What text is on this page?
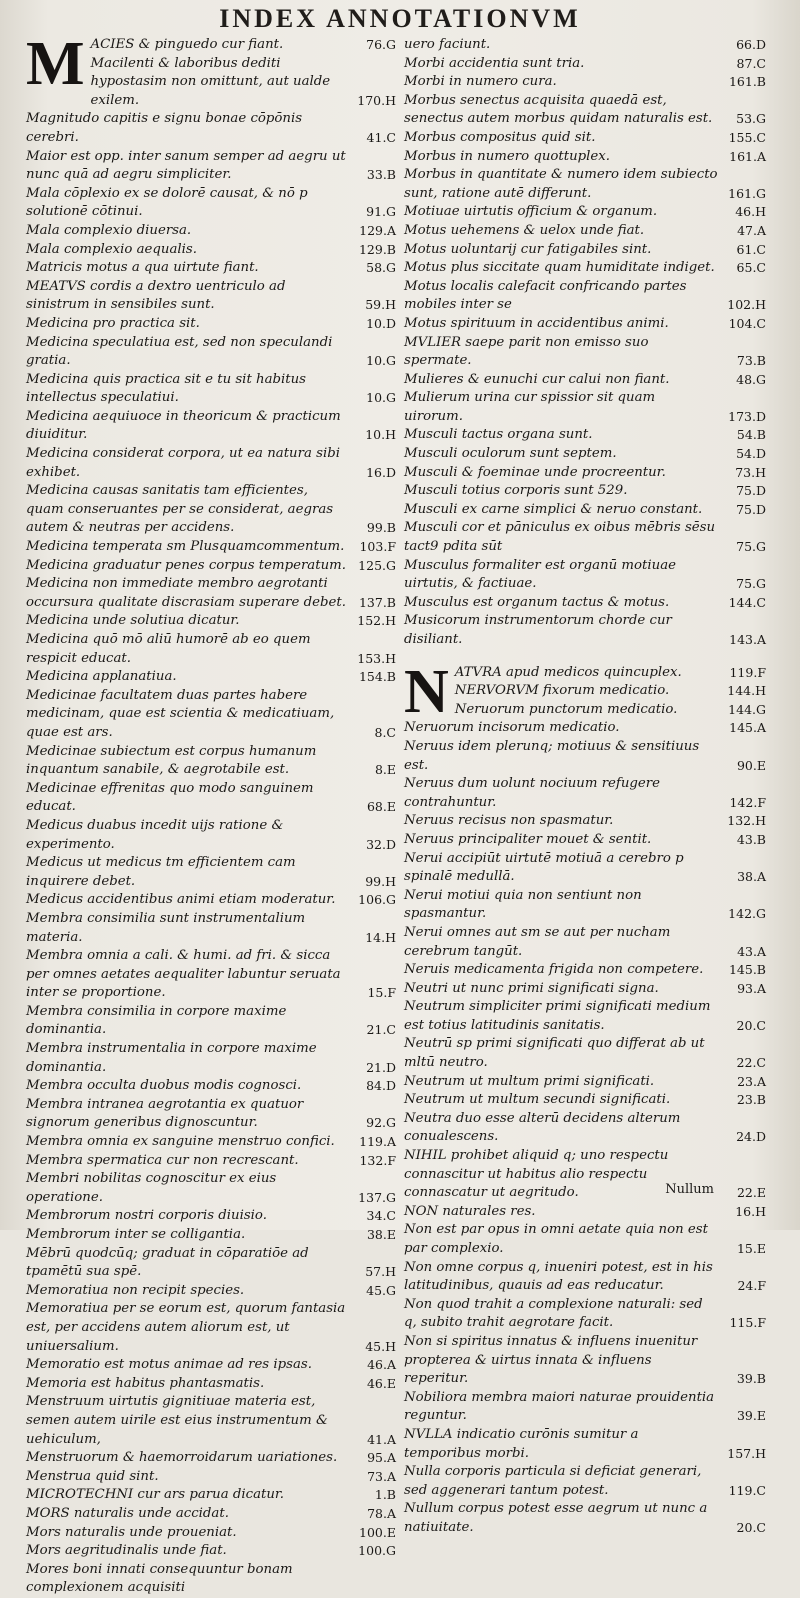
INDEX ANNOTATIONVM
M ACIES & pinguedo cur fiant.	76.G
Macilenti & laboribus dediti hypostasim non omittunt, aut ualde exilem.	170.H
Magnitudo capitis e signu bonae cōpōnis cerebri.	41.C
Maior est opp. inter sanum semper ad aegru ut nunc quā ad aegru simpliciter.	33.B
Mala cōplexio ex se dolorē causat, & nō p solutionē cōtinui.	91.G
Mala complexio diuersa.	129.A
Mala complexio aequalis.	129.B
Matricis motus a qua uirtute fiant.	58.G
MEATVS cordis a dextro uentriculo ad sinistrum in sensibiles sunt.	59.H
Medicina pro practica sit.	10.D
Medicina speculatiua est, sed non speculandi gratia.	10.G
Medicina quis practica sit e tu sit habitus intellectus speculatiui.	10.G
Medicina aequiuoce in theoricum & practicum diuiditur.	10.H
Medicina considerat corpora, ut ea natura sibi exhibet.	16.D
Medicina causas sanitatis tam efficientes, quam conseruantes per se considerat, aegras autem & neutras per accidens.	99.B
Medicina temperata sm Plusquamcommentum.	103.F
Medicina graduatur penes corpus temperatum. 125.G
Medicina non immediate membro aegrotanti occursura qualitate discrasiam superare debet.	137.B
Medicina unde solutiua dicatur.	152.H
Medicina quō mō aliū humorē ab eo quem respicit educat.	153.H
Medicina applanatiua.	154.B
Medicinae facultatem duas partes habere medicinam, quae est scientia & medicatiuam, quae est ars.	8.C
Medicinae subiectum est corpus humanum inquantum sanabile, & aegrotabile est.	8.E
Medicinae effrenitas quo modo sanguinem educat.	68.E
Medicus duabus incedit uijs ratione & experimento.	32.D
Medicus ut medicus tm efficientem cam inquirere debet.	99.H
Medicus accidentibus animi etiam moderatur.	106.G
Membra consimilia sunt instrumentalium materia.	14.H
Membra omnia a cali. & humi. ad fri. & sicca per omnes aetates aequaliter labuntur seruata inter se proportione.	15.F
Membra consimilia in corpore maxime dominantia.	21.C
Membra instrumentalia in corpore maxime dominantia.	21.D
Membra occulta duobus modis cognosci.	84.D
Membra intranea aegrotantia ex quatuor signorum generibus dignoscuntur.	92.G
Membra omnia ex sanguine menstruo confici.	119.A
Membra spermatica cur non recrescant.	132.F
Membri nobilitas cognoscitur ex eius operatione.	137.G
Membrorum nostri corporis diuisio.	34.C
Membrorum inter se colligantia.	38.E
Mēbrū quodcūq; graduat in cōparatiōe ad tpamētū sua spē.	57.H
Memoratiua non recipit species.	45.G
Memoratiua per se eorum est, quorum fantasia est, per accidens autem aliorum est, ut uniuersalium.	45.H
Memoratio est motus animae ad res ipsas.	46.A
Memoria est habitus phantasmatis.	46.E
Menstruum uirtutis gignitiuae materia est, semen autem uirile est eius instrumentum & uehiculum,	41.A
Menstruorum & haemorroidarum uariationes.	95.A
Menstrua quid sint.	73.A
MICROTECHNI cur ars parua dicatur.	1.B
MORS naturalis unde accidat.	78.A
Mors naturalis unde proueniat.	100.E
Mors aegritudinalis unde fiat.	100.G
Mores boni innati consequuntur bonam complexionem acquisiti
uero faciunt.	66.D
Morbi accidentia sunt tria.	87.C
Morbi in numero cura.	161.B
Morbus senectus acquisita quaedā est, senectus autem morbus quidam naturalis est.	53.G
Morbus compositus quid sit.	155.C
Morbus in numero quottuplex.	161.A
Morbus in quantitate & numero idem subiecto sunt, ratione autē differunt.	161.G
Motiuae uirtutis officium & organum.	46.H
Motus uehemens & uelox unde fiat.	47.A
Motus uoluntarij cur fatigabiles sint.	61.C
Motus plus siccitate quam humiditate indiget.	65.C
Motus localis calefacit confricando partes mobiles inter se	102.H
Motus spirituum in accidentibus animi.	104.C
MVLIER saepe parit non emisso suo spermate.	73.B
Mulieres & eunuchi cur calui non fiant.	48.G
Mulierum urina cur spissior sit quam uirorum.	173.D
Musculi tactus organa sunt.	54.B
Musculi oculorum sunt septem.	54.D
Musculi & foeminae unde procreentur.	73.H
Musculi totius corporis sunt 529.	75.D
Musculi ex carne simplici & neruo constant.	75.D
Musculi cor et pāniculus ex oibus mēbris sēsu tact9 pdita sūt	75.G
Musculus formaliter est organū motiuae uirtutis, & factiuae.	75.G
Musculus est organum tactus & motus.	144.C
Musicorum instrumentorum chorde cur disiliant.	143.A
N ATVRA apud medicos quincuplex.	119.F
NERVORVM fixorum medicatio.	144.H
Neruorum punctorum medicatio.	144.G
Neruorum incisorum medicatio.	145.A
Neruus idem plerunq; motiuus & sensitiuus est.	90.E
Neruus dum uolunt nociuum refugere contrahuntur.	142.F
Neruus recisus non spasmatur.	132.H
Neruus principaliter mouet & sentit.	43.B
Nerui accipiūt uirtutē motiuā a cerebro p spinalē medullā.	38.A
Nerui motiui quia non sentiunt non spasmantur.	142.G
Nerui omnes aut sm se aut per nucham cerebrum tangūt.	43.A
Neruis medicamenta frigida non competere.	145.B
Neutri ut nunc primi significati signa.	93.A
Neutrum simpliciter primi significati medium est totius latitudinis sanitatis.	20.C
Neutrū sp primi significati quo differat ab ut mltū neutro.	22.C
Neutrum ut multum primi significati.	23.A
Neutrum ut multum secundi significati.	23.B
Neutra duo esse alterū decidens alterum conualescens.	24.D
NIHIL prohibet aliquid q; uno respectu connascitur ut habitus alio respectu connascatur ut aegritudo.	22.E
NON naturales res.	16.H
Non est par opus in omni aetate quia non est par complexio.	15.E
Non omne corpus q, inueniri potest, est in his latitudinibus, quauis ad eas reducatur.	24.F
Non quod trahit a complexione naturali: sed q, subito trahit aegrotare facit.	115.F
Non si spiritus innatus & influens inuenitur propterea & uirtus innata & influens reperitur.	39.B
Nobiliora membra maiori naturae prouidentia reguntur.	39.E
NVLLA indicatio curōnis sumitur a temporibus morbi.	157.H
Nulla corporis particula si deficiat generari, sed aggenerari tantum potest.	119.C
Nullum corpus potest esse aegrum ut nunc a natiuitate.	20.C
Nullum
